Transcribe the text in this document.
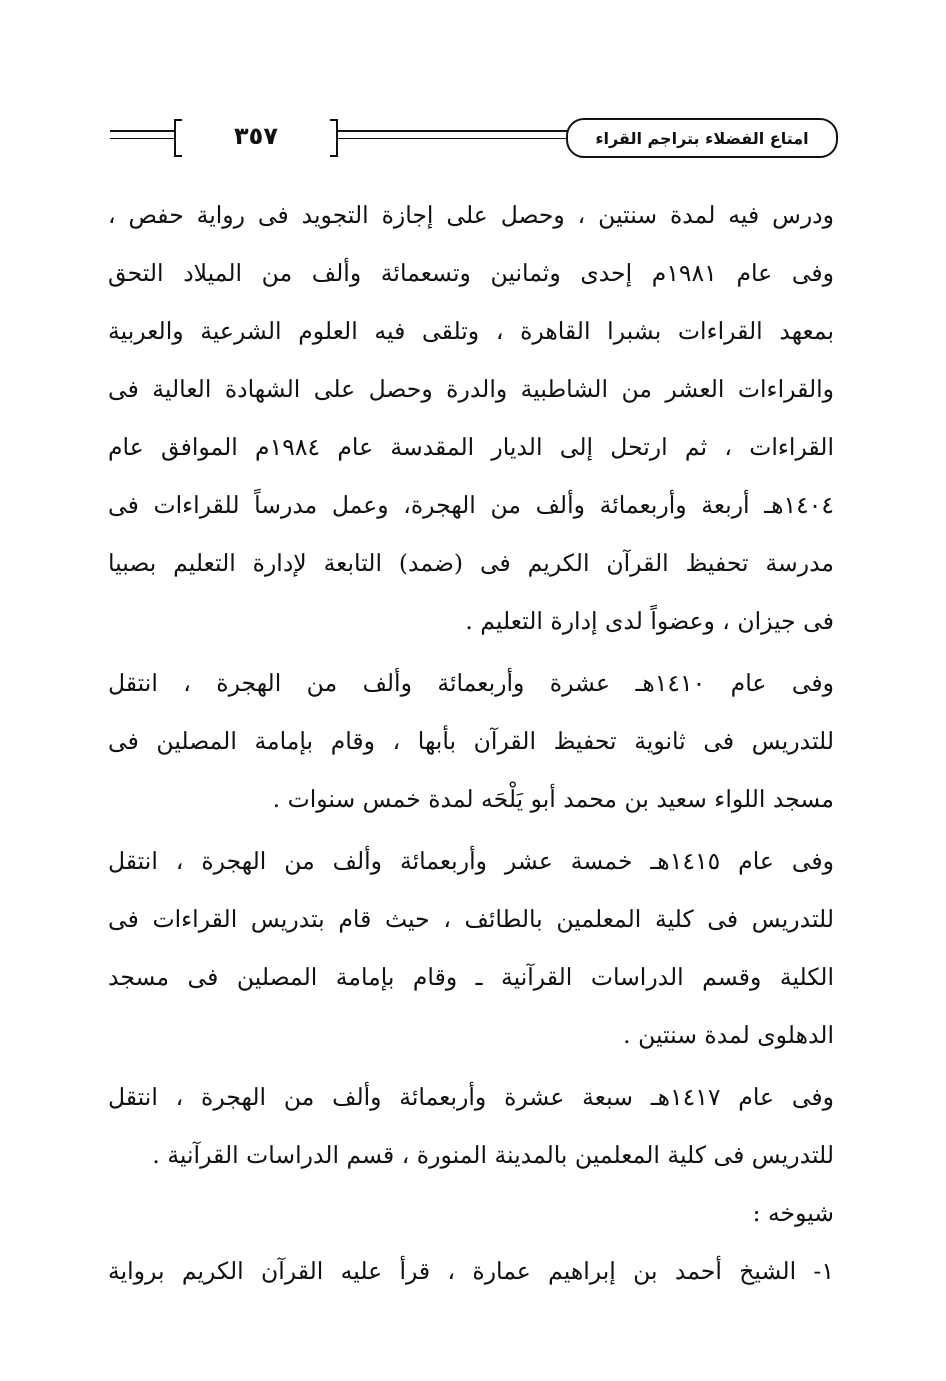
٣٥٧	امتاع الفضلاء بتراجم القراء
ودرس فيه لمدة سنتين ، وحصل على إجازة التجويد فى رواية حفص ،
وفى عام ١٩٨١م إحدى وثمانين وتسعمائة وألف من الميلاد التحق
بمعهد القراءات بشبرا القاهرة ، وتلقى فيه العلوم الشرعية والعربية
والقراءات العشر من الشاطبية والدرة وحصل على الشهادة العالية فى
القراءات ، ثم ارتحل إلى الديار المقدسة عام ١٩٨٤م الموافق عام
١٤٠٤هـ أربعة وأربعمائة وألف من الهجرة، وعمل مدرساً للقراءات فى
مدرسة تحفيظ القرآن الكريم فى (ضمد) التابعة لإدارة التعليم بصبيا
فى جيزان ، وعضواً لدى إدارة التعليم .
وفى عام ١٤١٠هـ عشرة وأربعمائة وألف من الهجرة ، انتقل
للتدريس فى ثانوية تحفيظ القرآن بأبها ، وقام بإمامة المصلين فى
مسجد اللواء سعيد بن محمد أبو يَلْحَه لمدة خمس سنوات .
وفى عام ١٤١٥هـ خمسة عشر وأربعمائة وألف من الهجرة ، انتقل
للتدريس فى كلية المعلمين بالطائف ، حيث قام بتدريس القراءات فى
الكلية وقسم الدراسات القرآنية ـ وقام بإمامة المصلين فى مسجد
الدهلوى لمدة سنتين .
وفى عام ١٤١٧هـ سبعة عشرة وأربعمائة وألف من الهجرة ، انتقل
للتدريس فى كلية المعلمين بالمدينة المنورة ، قسم الدراسات القرآنية .
شيوخه :
١- الشيخ أحمد بن إبراهيم عمارة ، قرأ عليه القرآن الكريم برواية
